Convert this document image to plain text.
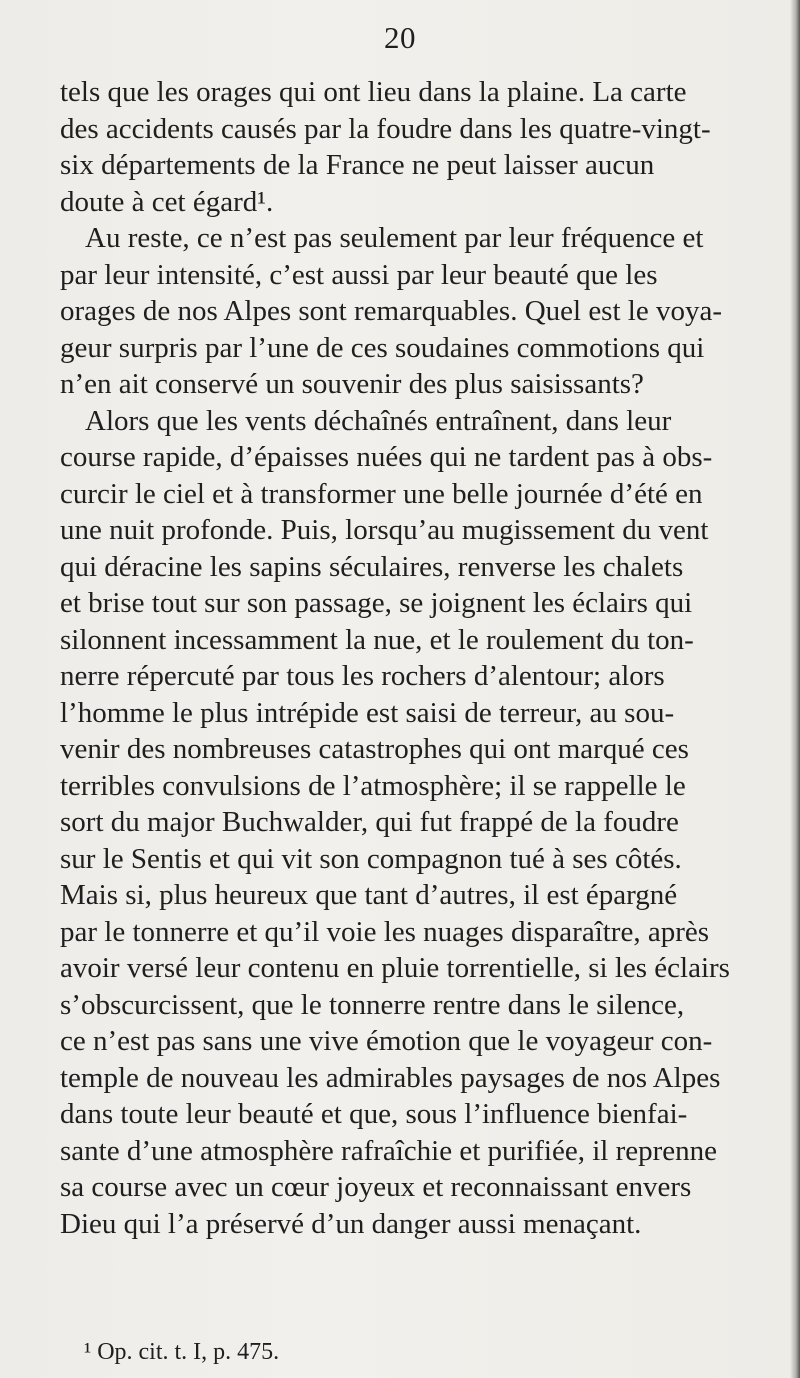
20
tels que les orages qui ont lieu dans la plaine. La carte
des accidents causés par la foudre dans les quatre-vingt-
six départements de la France ne peut laisser aucun
doute à cet égard¹.
Au reste, ce n’est pas seulement par leur fréquence et
par leur intensité, c’est aussi par leur beauté que les
orages de nos Alpes sont remarquables. Quel est le voya-
geur surpris par l’une de ces soudaines commotions qui
n’en ait conservé un souvenir des plus saisissants?
Alors que les vents déchaînés entraînent, dans leur
course rapide, d’épaisses nuées qui ne tardent pas à obs-
curcir le ciel et à transformer une belle journée d’été en
une nuit profonde. Puis, lorsqu’au mugissement du vent
qui déracine les sapins séculaires, renverse les chalets
et brise tout sur son passage, se joignent les éclairs qui
silonnent incessamment la nue, et le roulement du ton-
nerre répercuté par tous les rochers d’alentour; alors
l’homme le plus intrépide est saisi de terreur, au sou-
venir des nombreuses catastrophes qui ont marqué ces
terribles convulsions de l’atmosphère; il se rappelle le
sort du major Buchwalder, qui fut frappé de la foudre
sur le Sentis et qui vit son compagnon tué à ses côtés.
Mais si, plus heureux que tant d’autres, il est épargné
par le tonnerre et qu’il voie les nuages disparaître, après
avoir versé leur contenu en pluie torrentielle, si les éclairs
s’obscurcissent, que le tonnerre rentre dans le silence,
ce n’est pas sans une vive émotion que le voyageur con-
temple de nouveau les admirables paysages de nos Alpes
dans toute leur beauté et que, sous l’influence bienfai-
sante d’une atmosphère rafraîchie et purifiée, il reprenne
sa course avec un cœur joyeux et reconnaissant envers
Dieu qui l’a préservé d’un danger aussi menaçant.
¹ Op. cit. t. I, p. 475.
